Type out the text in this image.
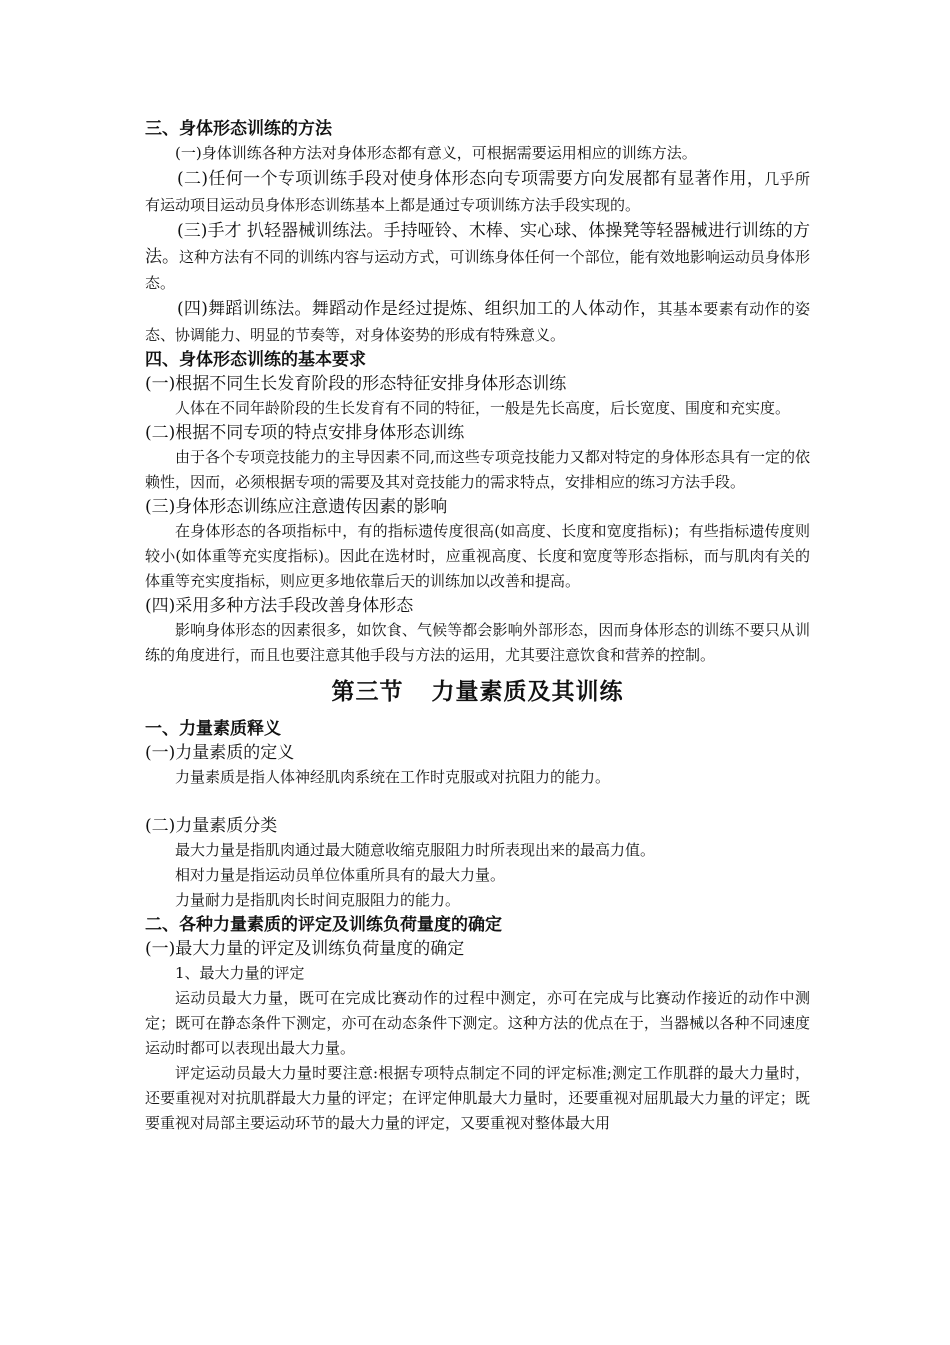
三、身体形态训练的方法

(一)身体训练各种方法对身体形态都有意义，可根据需要运用相应的训练方法。

(二)任何一个专项训练手段对使身体形态向专项需要方向发展都有显著作用，几乎所有运动项目运动员身体形态训练基本上都是通过专项训练方法手段实现的。

(三)手才 扒轻器械训练法。手持哑铃、木棒、实心球、体操凳等轻器械进行训练的方法。这种方法有不同的训练内容与运动方式，可训练身体任何一个部位，能有效地影响运动员身体形态。

(四)舞蹈训练法。舞蹈动作是经过提炼、组织加工的人体动作，其基本要素有动作的姿态、协调能力、明显的节奏等，对身体姿势的形成有特殊意义。

四、身体形态训练的基本要求

(一)根据不同生长发育阶段的形态特征安排身体形态训练

人体在不同年龄阶段的生长发育有不同的特征，一般是先长高度，后长宽度、围度和充实度。

(二)根据不同专项的特点安排身体形态训练

由于各个专项竞技能力的主导因素不同,而这些专项竞技能力又都对特定的身体形态具有一定的依赖性，因而，必须根据专项的需要及其对竞技能力的需求特点，安排相应的练习方法手段。

(三)身体形态训练应注意遗传因素的影响

在身体形态的各项指标中，有的指标遗传度很高(如高度、长度和宽度指标)；有些指标遗传度则较小(如体重等充实度指标)。因此在选材时，应重视高度、长度和宽度等形态指标，而与肌肉有关的体重等充实度指标，则应更多地依靠后天的训练加以改善和提高。

(四)采用多种方法手段改善身体形态

影响身体形态的因素很多，如饮食、气候等都会影响外部形态，因而身体形态的训练不要只从训练的角度进行，而且也要注意其他手段与方法的运用，尤其要注意饮食和营养的控制。

第三节 力量素质及其训练

一、力量素质释义

(一)力量素质的定义

力量素质是指人体神经肌肉系统在工作时克服或对抗阻力的能力。

(二)力量素质分类

最大力量是指肌肉通过最大随意收缩克服阻力时所表现出来的最高力值。

相对力量是指运动员单位体重所具有的最大力量。

力量耐力是指肌肉长时间克服阻力的能力。

二、各种力量素质的评定及训练负荷量度的确定

(一)最大力量的评定及训练负荷量度的确定

1、最大力量的评定

运动员最大力量，既可在完成比赛动作的过程中测定，亦可在完成与比赛动作接近的动作中测定；既可在静态条件下测定，亦可在动态条件下测定。这种方法的优点在于，当器械以各种不同速度运动时都可以表现出最大力量。

评定运动员最大力量时要注意:根据专项特点制定不同的评定标准;测定工作肌群的最大力量时，还要重视对对抗肌群最大力量的评定；在评定伸肌最大力量时，还要重视对屈肌最大力量的评定；既要重视对局部主要运动环节的最大力量的评定，又要重视对整体最大用
